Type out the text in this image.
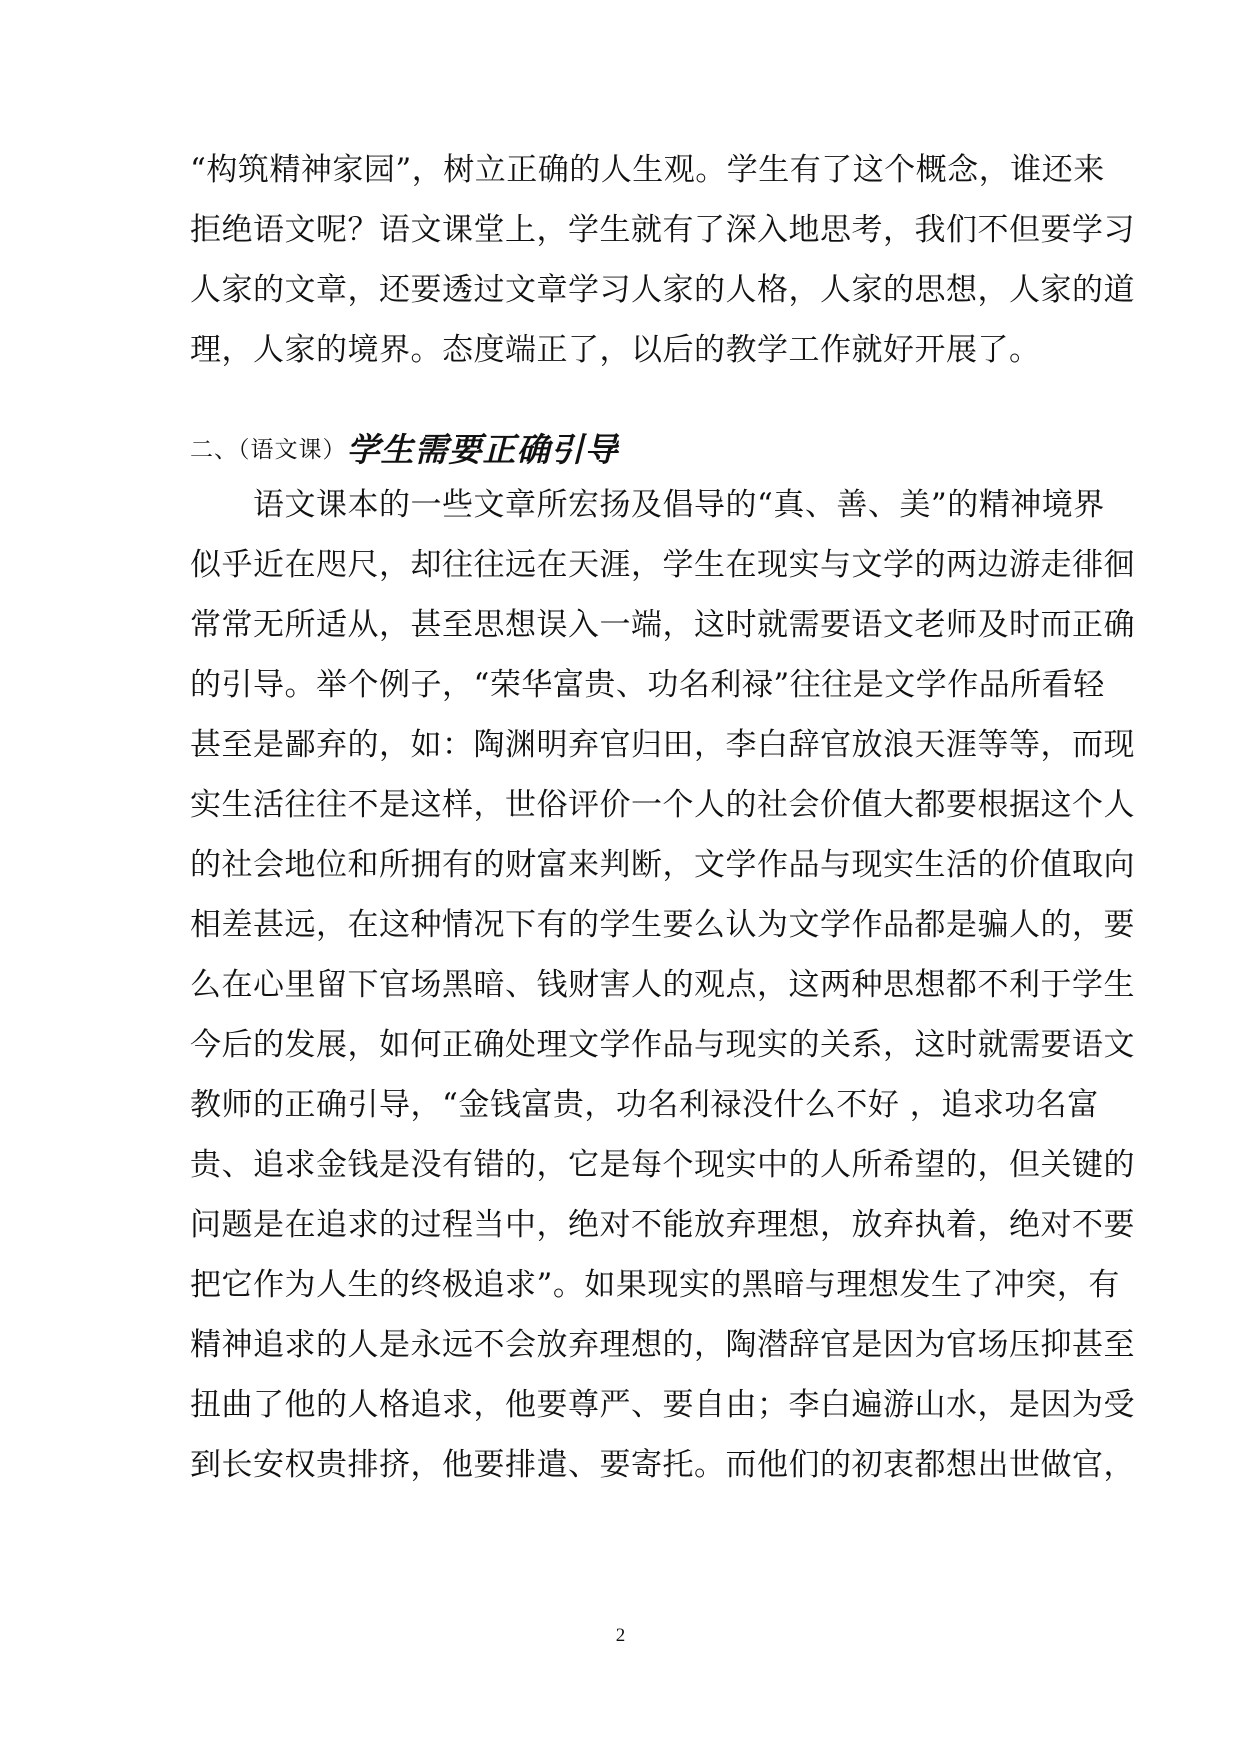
“构筑精神家园”，树立正确的人生观。学生有了这个概念，谁还来
拒绝语文呢？语文课堂上，学生就有了深入地思考，我们不但要学习
人家的文章，还要透过文章学习人家的人格，人家的思想，人家的道
理，人家的境界。态度端正了，以后的教学工作就好开展了。
二、（语文课）学生需要正确引导
　　语文课本的一些文章所宏扬及倡导的“真、善、美”的精神境界
似乎近在咫尺，却往往远在天涯，学生在现实与文学的两边游走徘徊
常常无所适从，甚至思想误入一端，这时就需要语文老师及时而正确
的引导。举个例子，“荣华富贵、功名利禄”往往是文学作品所看轻
甚至是鄙弃的，如：陶渊明弃官归田，李白辞官放浪天涯等等，而现
实生活往往不是这样，世俗评价一个人的社会价值大都要根据这个人
的社会地位和所拥有的财富来判断，文学作品与现实生活的价值取向
相差甚远，在这种情况下有的学生要么认为文学作品都是骗人的，要
么在心里留下官场黑暗、钱财害人的观点，这两种思想都不利于学生
今后的发展，如何正确处理文学作品与现实的关系，这时就需要语文
教师的正确引导，“金钱富贵，功名利禄没什么不好 ，追求功名富
贵、追求金钱是没有错的，它是每个现实中的人所希望的，但关键的
问题是在追求的过程当中，绝对不能放弃理想，放弃执着，绝对不要
把它作为人生的终极追求”。如果现实的黑暗与理想发生了冲突，有
精神追求的人是永远不会放弃理想的，陶潜辞官是因为官场压抑甚至
扭曲了他的人格追求，他要尊严、要自由；李白遍游山水，是因为受
到长安权贵排挤，他要排遣、要寄托。而他们的初衷都想出世做官，
2
